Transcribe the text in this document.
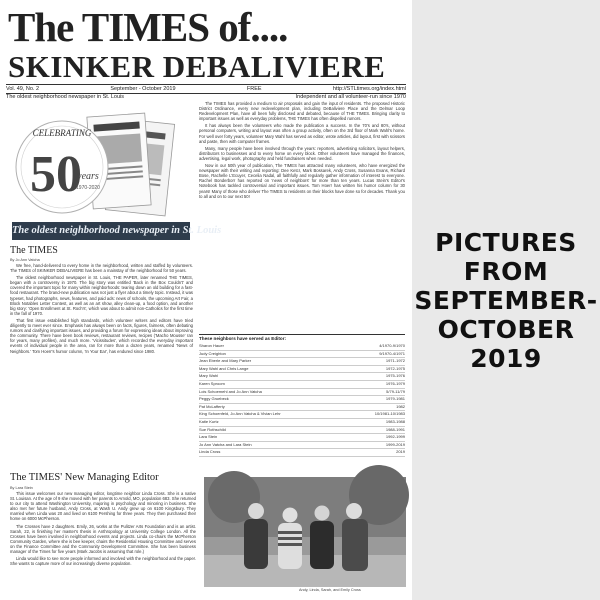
The TIMES of....
SKINKER DEBALIVIERE
Vol. 49, No. 2	September - October 2019	FREE	http://STLtimes.org/index.html
The oldest neighborhood newspaper in St. Louis	Independent and all volunteer-run since 1970
CELEBRATING
50
years
1970-2020
The oldest neighborhood newspaper in St. Louis
The TIMES
By Jo Ann Vatcha

We free, hand-delivered to every home in the neighborhood, written and staffed by volunteers. The TIMES of SKINKER DEBALIVIERE has been a mainstay of the neighborhood for 50 years.

The oldest neighborhood newspaper in St. Louis, THE PAPER, later renamed THE TIMES, began with a controversy in 1970. The big story was entitled 'Back in the Box Couldn't' and covered the important topic for many within neighborhoods: tearing down an old building for a fast-food restaurant. The brand-new publication was not just a flyer about a timely topic. Instead, it was typeset, had photographs, news, features, and paid ads: news of schools, the upcoming Art Fair, a Block Notables Letter Contest, as well as an art show, alley clean-up, a food option, and another big story: 'Open Enrollment at St. Roch's', which was about to admit non-Catholics for the first time in the fall of 1970.

That first issue established high standards, which volunteer writers and editors have tried diligently to meet ever since. Emphasis has always been on facts, figures, fairness, often debating rumors and clarifying important issues, and providing a forum for expressing ideas about improving the community. There have been book reviews, restaurant reviews, recipes ('Macho Mousse' ran for years, many profiles), and much more. 'Vicissitudes', which recorded the everyday important events of individual people in the area, ran for more than a dozen years, renamed 'News of Neighbors.' Tom Hoerr's humor column, 'In Your Ear', has endured since 1980.

The TIMES has provided a medium to air proposals and gain the input of residents. The proposed Historic District Ordinance, every new redevelopment plan, including DeBaliviere Place and the Delmar Loop Redevelopment Plan, have all been fully disclosed and debated, because of THE TIMES. Bringing clarity to important issues as well as everyday problems, THE TIMES has often dispelled rumors.

It has always been the volunteers who made the publication a success. In the 70's and 80's, without personal computers, writing and layout was often a group activity, often on the 3rd floor of Mark Wahl's home. For well over forty years, volunteer Mary Wahl has served as editor, wrote articles, did layout, first with scissors and paste, then with computer frames.

Many, many people have been involved through the years: reporters, advertising solicitors, layout helpers, distributors to businesses and to every home on every block. Other volunteers have managed the finances, advertising, legal work, photography and held fundraisers when needed.

Now in our 50th year of publication, The TIMES has attracted many volunteers, who have energized the newspaper with their writing and reporting: Dee Ketcr, Mark Bossarek, Andy Cross, Susanna Evans, Richard Bose, Rachelle L'Ecuyer, Cecelia Nadal, all faithfully and regularly gather information of interest to everyone. Rachel Bonderborr has reported on 'news of neighbors' for more than ten years. Lucas Stein's Editor's Notebook has tackled controversial and important issues. Tom Hoerr has written his humor column for 30 years! Many of those who deliver The TIMES to residents on their blocks have done so for decades. Thank you to all and on to our next 50!

These neighbors have served as Editor:
Sharon Hauer	4/1970-9/1970
Judy Creighton	9/1970-4/1971
Jean Eberle and Mary Parker	1971-1972
Mary Wahl and Chris Lange	1972-1975
Mary Wahl	1975-1976
Karen Sproom	1976-1979
Lois Schoemehl and Jo Ann Vatcha	5/79-11/79
Peggy Gruebeck	1979-1981
Pat McLafferty	1982
King Schoenfeld, Jo Ann Vatcha & Vivian Lehr	10/1981-10/1983
Katie Kurtz	1983-1988
Sue Rothschild	1988-1991
Lara Stein	1992-1999
Jo Ann Vatcha and Lara Stein	1999-2019
Linda Cross	2019
The TIMES' New Managing Editor
By Lara Stein

This issue welcomes our new managing editor, longtime neighbor Linda Cross. She is a native St. Louisan. At the age of 9 she moved with her parents to Arnold, MO, population 683. She returned to our city to attend Washington University, majoring in psychology and minoring in business. She also met her future husband, Andy Cross, at Wash U. Andy grew up on 6100 Kingsbury. They married when Linda was 20 and lived on 6100 Pershing for three years. They then purchased their home on 6000 McPherson.

The Crosses have 2 daughters. Emily, 26, works at the Pulitzer Arts Foundation and is an artist. Sarah, 22, is finishing her master's thesis in Anthropology at University College London. All the Crosses have been involved in neighborhood events and projects. Linda co-chairs the McPherson Community Garden, where she is bee keeper, chairs the Residential Housing Committee and serves on the Finance Committee and the Community Development Committee. She has been business manager of the Times for five years (Mark Jacobs is assuming that role.)

Linda would like to see more people informed and involved with the neighborhood and the paper. She wants to capture more of our increasingly diverse population.

Andy, Linda, Sarah, and Emily Cross
PICTURES
FROM
SEPTEMBER-
OCTOBER
2019
